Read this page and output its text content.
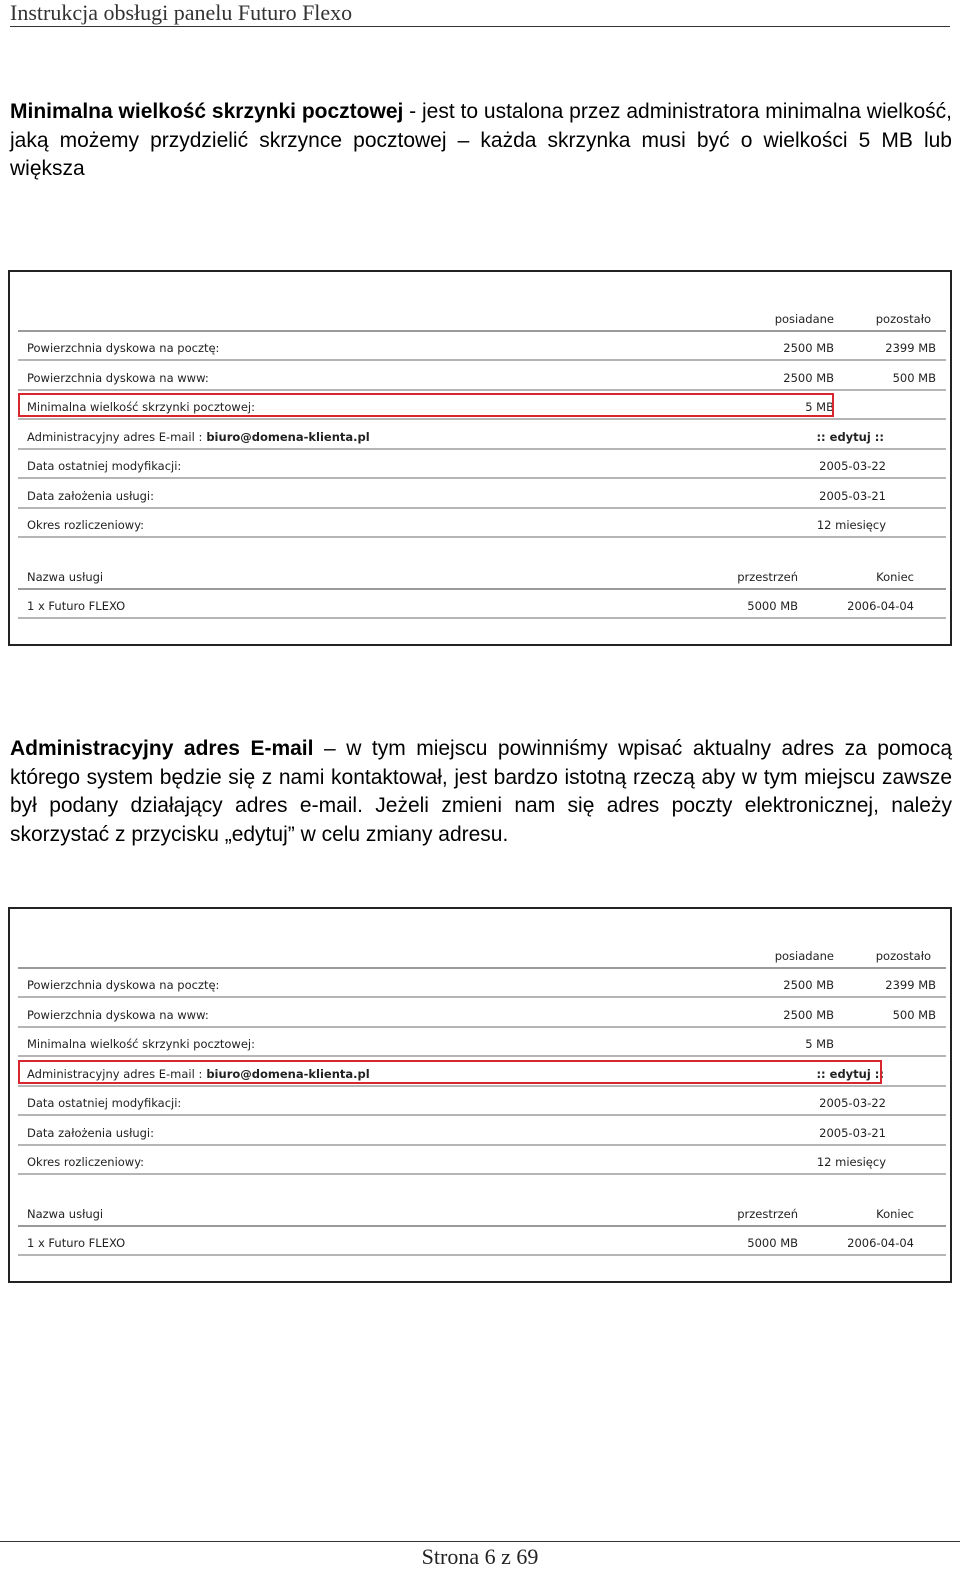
Instrukcja obsługi panelu Futuro Flexo
Minimalna wielkość skrzynki pocztowej - jest to ustalona przez administratora minimalna wielkość, jaką możemy przydzielić skrzynce pocztowej – każda skrzynka musi być o wielkości 5 MB lub większa
posiadane	pozostało
Powierzchnia dyskowa na pocztę:	2500 MB	2399 MB
Powierzchnia dyskowa na www:	2500 MB	500 MB
Minimalna wielkość skrzynki pocztowej:	5 MB
Administracyjny adres E-mail : biuro@domena-klienta.pl	:: edytuj ::
Data ostatniej modyfikacji:	2005-03-22
Data założenia usługi:	2005-03-21
Okres rozliczeniowy:	12 miesięcy
Nazwa usługi	przestrzeń	Koniec
1 x Futuro FLEXO	5000 MB	2006-04-04
Administracyjny adres E-mail – w tym miejscu powinniśmy wpisać aktualny adres za pomocą którego system będzie się z nami kontaktował, jest bardzo istotną rzeczą aby w tym miejscu zawsze był podany działający adres e-mail. Jeżeli zmieni nam się adres poczty elektronicznej, należy skorzystać z przycisku „edytuj” w celu zmiany adresu.
posiadane	pozostało
Powierzchnia dyskowa na pocztę:	2500 MB	2399 MB
Powierzchnia dyskowa na www:	2500 MB	500 MB
Minimalna wielkość skrzynki pocztowej:	5 MB
Administracyjny adres E-mail : biuro@domena-klienta.pl	:: edytuj ::
Data ostatniej modyfikacji:	2005-03-22
Data założenia usługi:	2005-03-21
Okres rozliczeniowy:	12 miesięcy
Nazwa usługi	przestrzeń	Koniec
1 x Futuro FLEXO	5000 MB	2006-04-04
Strona 6 z 69
